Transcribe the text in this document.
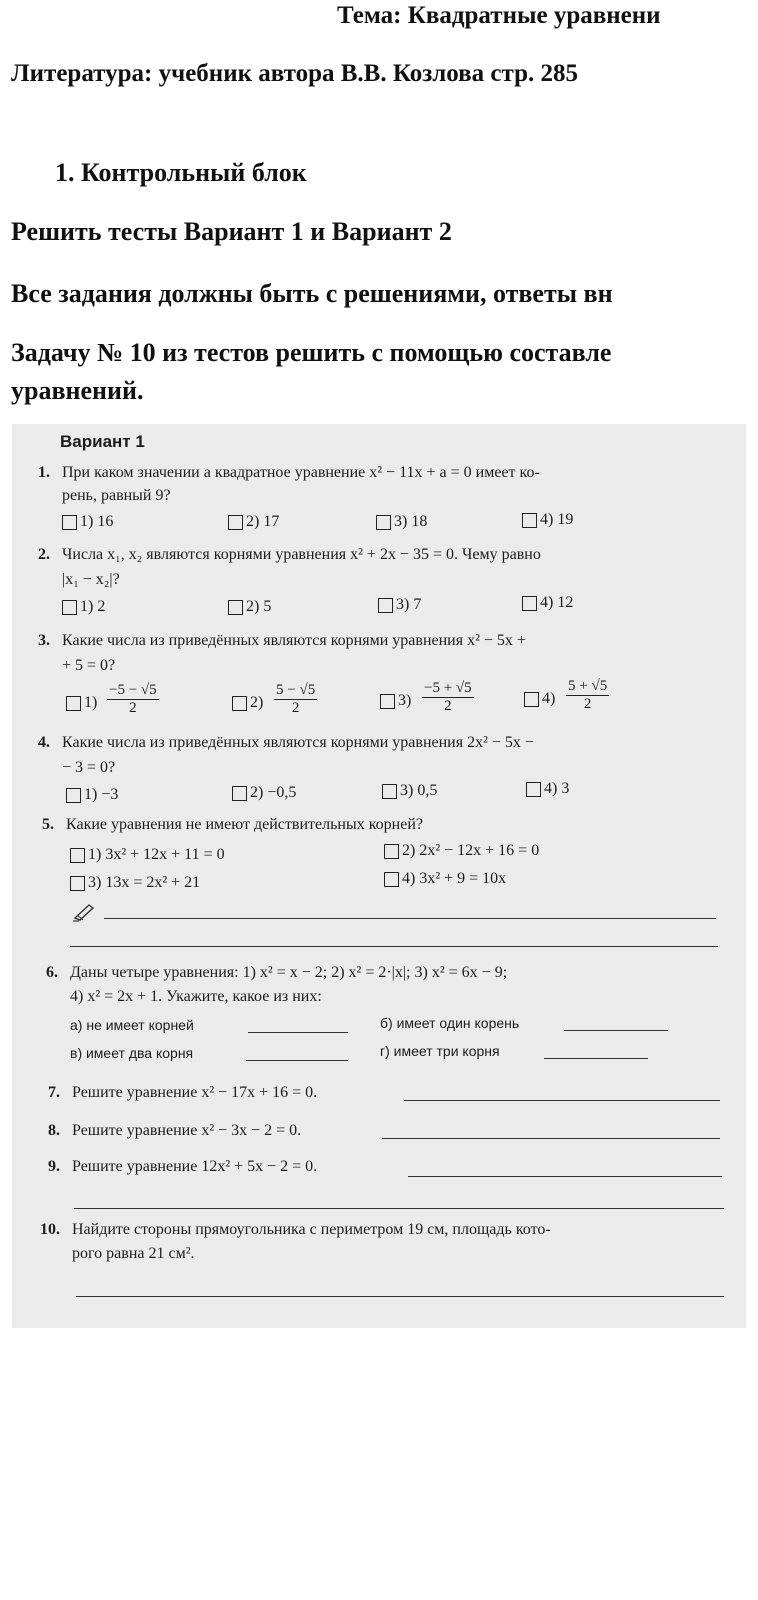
Тема: Квадратные уравнени
Литература: учебник автора В.В. Козлова стр. 285
1. Контрольный блок
Решить тесты Вариант 1 и Вариант 2
Все задания должны быть с решениями, ответы вн
Задачу № 10 из тестов решить с помощью составле
уравнений.
Вариант 1
1. При каком значении a квадратное уравнение x² − 11x + a = 0 имеет ко-
рень, равный 9?
1) 16	2) 17	3) 18	4) 19
2. Числа x₁, x₂ являются корнями уравнения x² + 2x − 35 = 0. Чему равно
|x₁ − x₂|?
1) 2	2) 5	3) 7	4) 12
3. Какие числа из приведённых являются корнями уравнения x² − 5x +
+ 5 = 0?
$1) \frac{-5 - √5}{2}$	$2) \frac{5 - √5}{2}$	$3) \frac{-5 + √5}{2}$	$4) \frac{5 + √5}{2}$
4. Какие числа из приведённых являются корнями уравнения 2x² − 5x −
− 3 = 0?
1) −3	2) −0,5	3) 0,5	4) 3
5. Какие уравнения не имеют действительных корней?
1) 3x² + 12x + 11 = 0	2) 2x² − 12x + 16 = 0
3) 13x = 2x² + 21	4) 3x² + 9 = 10x
6. Даны четыре уравнения: 1) x² = x − 2; 2) x² = 2·|x|; 3) x² = 6x − 9;
4) x² = 2x + 1. Укажите, какое из них:
а) не имеет корней	б) имеет один корень
в) имеет два корня	г) имеет три корня
7. Решите уравнение x² − 17x + 16 = 0.
8. Решите уравнение x² − 3x − 2 = 0.
9. Решите уравнение 12x² + 5x − 2 = 0.
10. Найдите стороны прямоугольника с периметром 19 см, площадь кото-
рого равна 21 см².
